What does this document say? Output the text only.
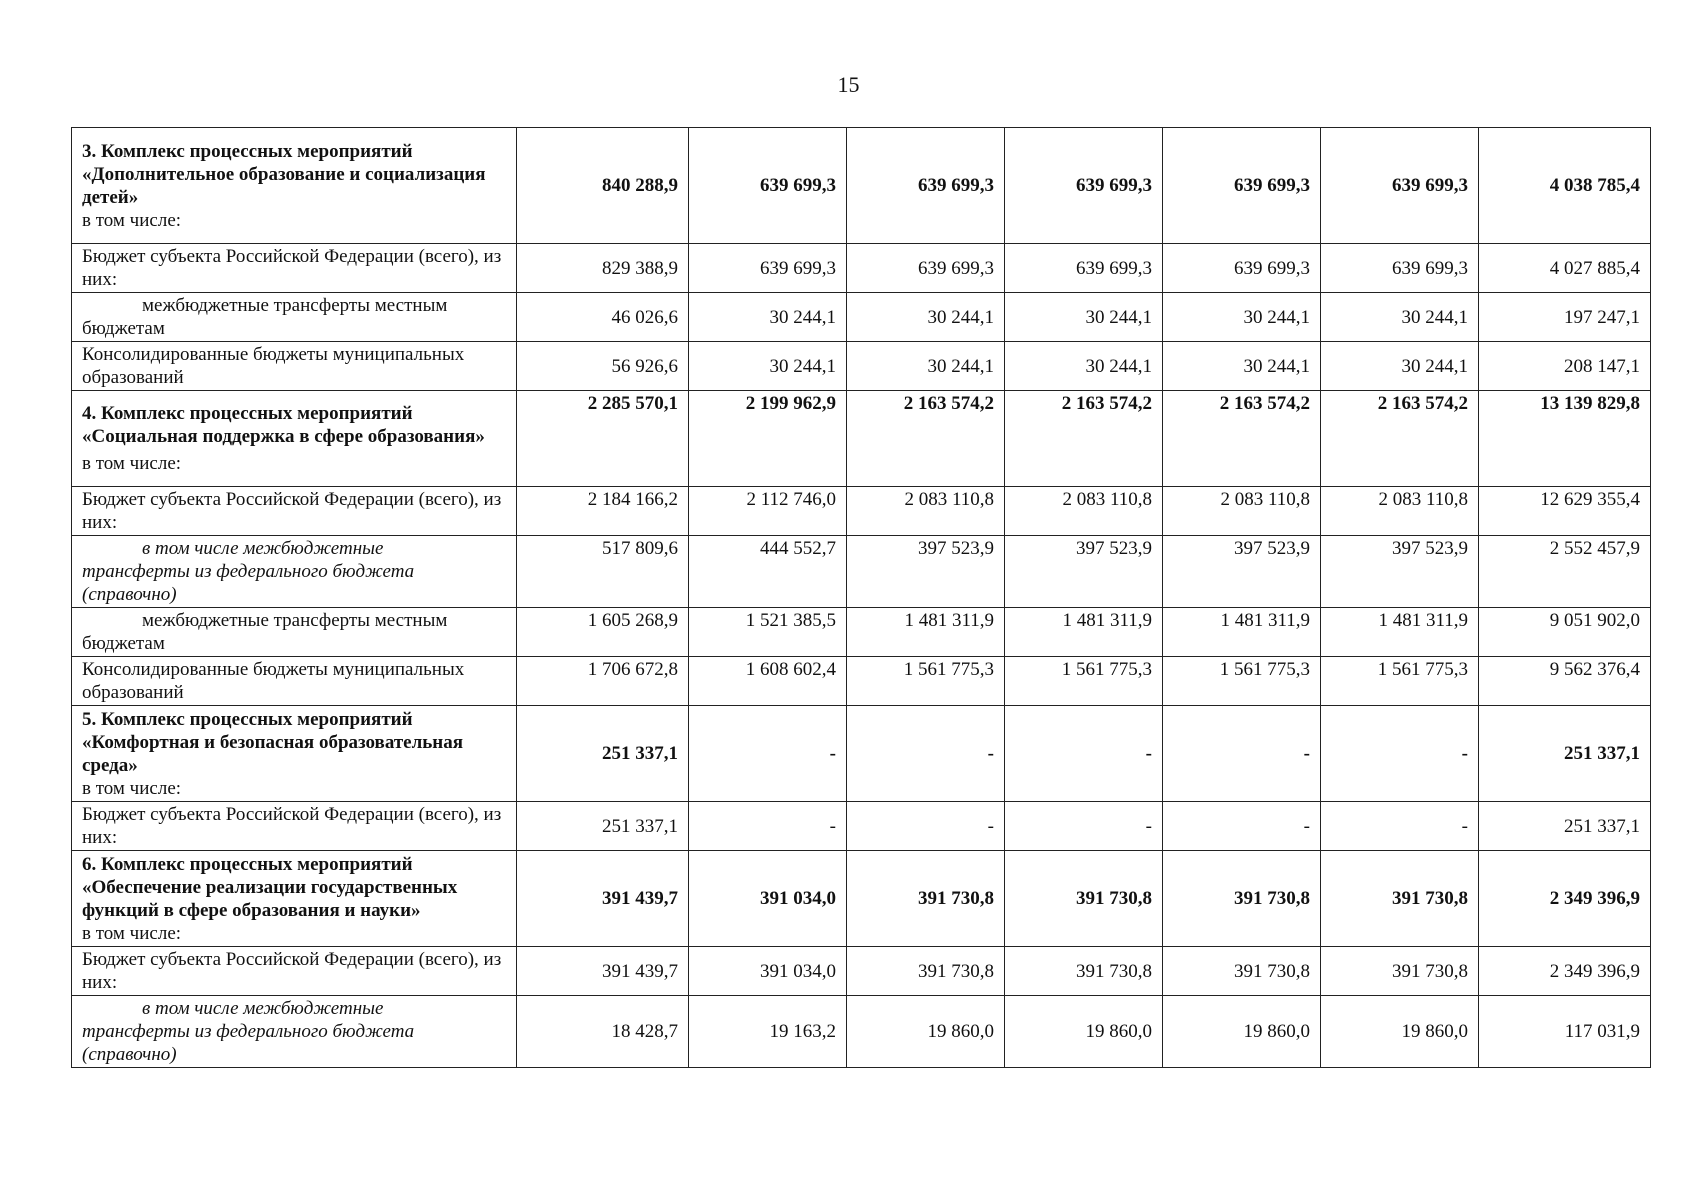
15
3. Комплекс процессных мероприятий «Дополнительное образование и социализация детей»
в том числе:	840 288,9	639 699,3	639 699,3	639 699,3	639 699,3	639 699,3	4 038 785,4

Бюджет субъекта Российской Федерации (всего), из них:	829 388,9	639 699,3	639 699,3	639 699,3	639 699,3	639 699,3	4 027 885,4

межбюджетные трансферты местным
бюджетам	46 026,6	30 244,1	30 244,1	30 244,1	30 244,1	30 244,1	197 247,1

Консолидированные бюджеты муниципальных образований	56 926,6	30 244,1	30 244,1	30 244,1	30 244,1	30 244,1	208 147,1

4. Комплекс процессных мероприятий «Социальная поддержка в сфере образования»
в том числе:	2 285 570,1	2 199 962,9	2 163 574,2	2 163 574,2	2 163 574,2	2 163 574,2	13 139 829,8

Бюджет субъекта Российской Федерации (всего), из них:	2 184 166,2	2 112 746,0	2 083 110,8	2 083 110,8	2 083 110,8	2 083 110,8	12 629 355,4

в том числе межбюджетные
трансферты из федерального бюджета (справочно)	517 809,6	444 552,7	397 523,9	397 523,9	397 523,9	397 523,9	2 552 457,9

межбюджетные трансферты местным
бюджетам	1 605 268,9	1 521 385,5	1 481 311,9	1 481 311,9	1 481 311,9	1 481 311,9	9 051 902,0

Консолидированные бюджеты муниципальных образований	1 706 672,8	1 608 602,4	1 561 775,3	1 561 775,3	1 561 775,3	1 561 775,3	9 562 376,4

5. Комплекс процессных мероприятий «Комфортная и безопасная образовательная среда»
в том числе:	251 337,1	-	-	-	-	-	251 337,1

Бюджет субъекта Российской Федерации (всего), из них:	251 337,1	-	-	-	-	-	251 337,1

6. Комплекс процессных мероприятий «Обеспечение реализации государственных функций в сфере образования и науки»
в том числе:	391 439,7	391 034,0	391 730,8	391 730,8	391 730,8	391 730,8	2 349 396,9

Бюджет субъекта Российской Федерации (всего), из них:	391 439,7	391 034,0	391 730,8	391 730,8	391 730,8	391 730,8	2 349 396,9

в том числе межбюджетные
трансферты из федерального бюджета (справочно)	18 428,7	19 163,2	19 860,0	19 860,0	19 860,0	19 860,0	117 031,9
